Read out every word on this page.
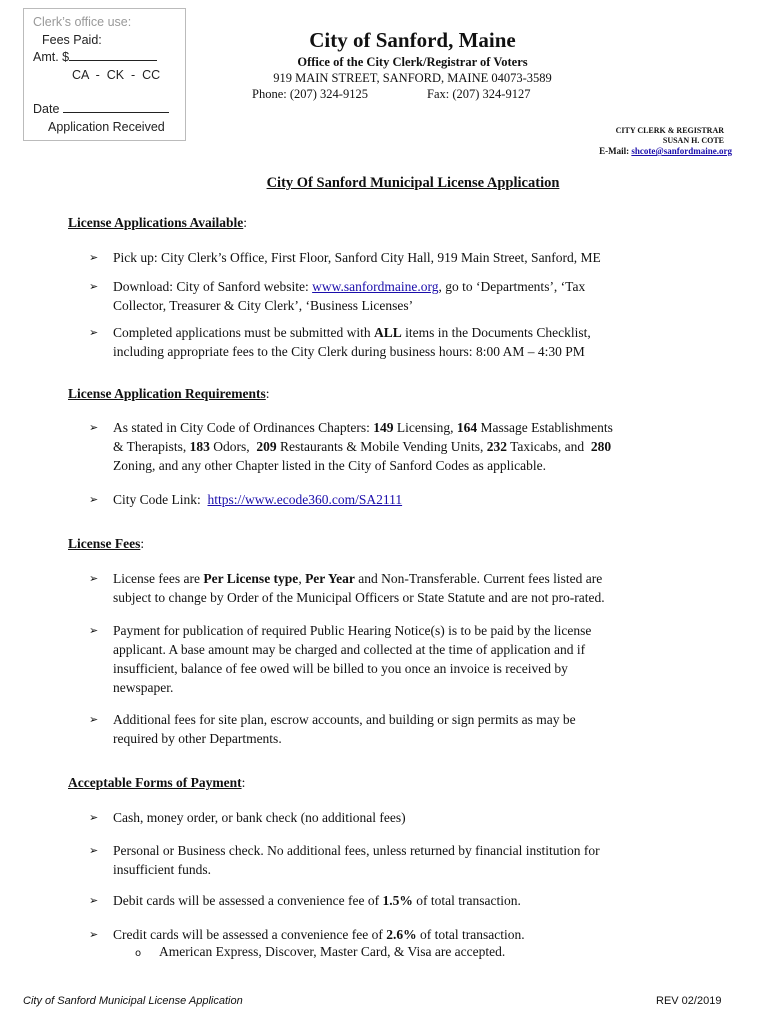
Clerk’s office use:
Fees Paid:
Amt. $
CA  -  CK  -  CC
Date
Application Received
City of Sanford, Maine
Office of the City Clerk/Registrar of Voters
919 MAIN STREET, SANFORD, MAINE 04073-3589
Phone: (207) 324-9125	Fax: (207) 324-9127
CITY CLERK & REGISTRAR
SUSAN H. COTE
E-Mail: shcote@sanfordmaine.org
City Of Sanford Municipal License Application
License Applications Available:
➢ Pick up: City Clerk’s Office, First Floor, Sanford City Hall, 919 Main Street, Sanford, ME
➢ Download: City of Sanford website: www.sanfordmaine.org, go to ‘Departments’, ‘Tax
Collector, Treasurer & City Clerk’, ‘Business Licenses’
➢ Completed applications must be submitted with ALL items in the Documents Checklist,
including appropriate fees to the City Clerk during business hours: 8:00 AM – 4:30 PM
License Application Requirements:
➢ As stated in City Code of Ordinances Chapters: 149 Licensing, 164 Massage Establishments
& Therapists, 183 Odors,  209 Restaurants & Mobile Vending Units, 232 Taxicabs, and  280
Zoning, and any other Chapter listed in the City of Sanford Codes as applicable.
➢ City Code Link:  https://www.ecode360.com/SA2111
License Fees:
➢ License fees are Per License type, Per Year and Non-Transferable. Current fees listed are
subject to change by Order of the Municipal Officers or State Statute and are not pro-rated.
➢ Payment for publication of required Public Hearing Notice(s) is to be paid by the license
applicant. A base amount may be charged and collected at the time of application and if
insufficient, balance of fee owed will be billed to you once an invoice is received by
newspaper.
➢ Additional fees for site plan, escrow accounts, and building or sign permits as may be
required by other Departments.
Acceptable Forms of Payment:
➢ Cash, money order, or bank check (no additional fees)
➢ Personal or Business check. No additional fees, unless returned by financial institution for
insufficient funds.
➢ Debit cards will be assessed a convenience fee of 1.5% of total transaction.
➢ Credit cards will be assessed a convenience fee of 2.6% of total transaction.
o American Express, Discover, Master Card, & Visa are accepted.
City of Sanford Municipal License Application	REV 02/2019
